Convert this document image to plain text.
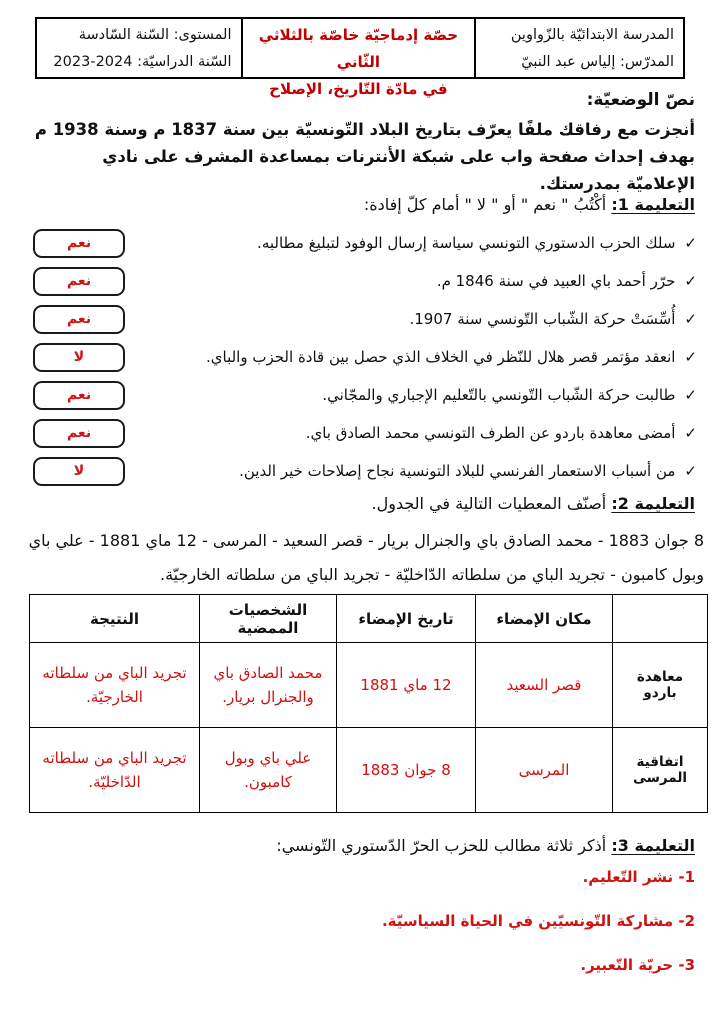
المدرسة الابتدائيّة بالزّواوين
المدرّس: إلياس عبد النبيّ
حصّة إدماجيّة خاصّة بالثلاثي الثّاني
في مادّة التّاريخ، الإصلاح
المستوى: السّنة السّادسة
السّنة الدراسيّة: 2024-2023
نصّ الوضعيّة:
أنجزت مع رفاقك ملفًا يعرّف بتاريخ البلاد التّونسيّة بين سنة 1837 م وسنة 1938 م بهدف إحداث صفحة واب على شبكة الأنترنات بمساعدة المشرف على نادي الإعلاميّة بمدرستك.
التعليمة 1: أكْتُبُ " نعم " أو " لا " أمام كلّ إفادة:
✓
سلك الحزب الدستوري التونسي سياسة إرسال الوفود لتبليغ مطالبه.
نعم
✓
حرّر أحمد باي العبيد في سنة 1846 م.
نعم
✓
أُسِّسَتْ حركة الشّباب التّونسي سنة 1907.
نعم
✓
انعقد مؤتمر قصر هلال للنّظر في الخلاف الذي حصل بين قادة الحزب والباي.
لا
✓
طالبت حركة الشّباب التّونسي بالتّعليم الإجباري والمجّاني.
نعم
✓
أمضى معاهدة باردو عن الطرف التونسي محمد الصادق باي.
نعم
✓
من أسباب الاستعمار الفرنسي للبلاد التونسية نجاح إصلاحات خير الدين.
لا
التعليمة 2: أصنّف المعطيات التالية في الجدول.
8 جوان 1883 - محمد الصادق باي والجنرال بريار - قصر السعيد - المرسى - 12 ماي 1881 - علي باي وبول كامبون - تجريد الباي من سلطاته الدّاخليّة - تجريد الباي من سلطاته الخارجيّة.
	مكان الإمضاء	تاريخ الإمضاء	الشخصيات الممضية	النتيجة
معاهدة باردو	قصر السعيد	12 ماي 1881	محمد الصادق باي والجنرال بريار.	تجريد الباي من سلطاته الخارجيّة.
اتفاقية المرسى	المرسى	8 جوان 1883	علي باي وبول كامبون.	تجريد الباي من سلطاته الدّاخليّة.
التعليمة 3: أذكر ثلاثة مطالب للحزب الحرّ الدّستوري التّونسي:
1- نشر التّعليم.
2- مشاركة التّونسيّين في الحياة السياسيّة.
3- حريّة التّعبير.
